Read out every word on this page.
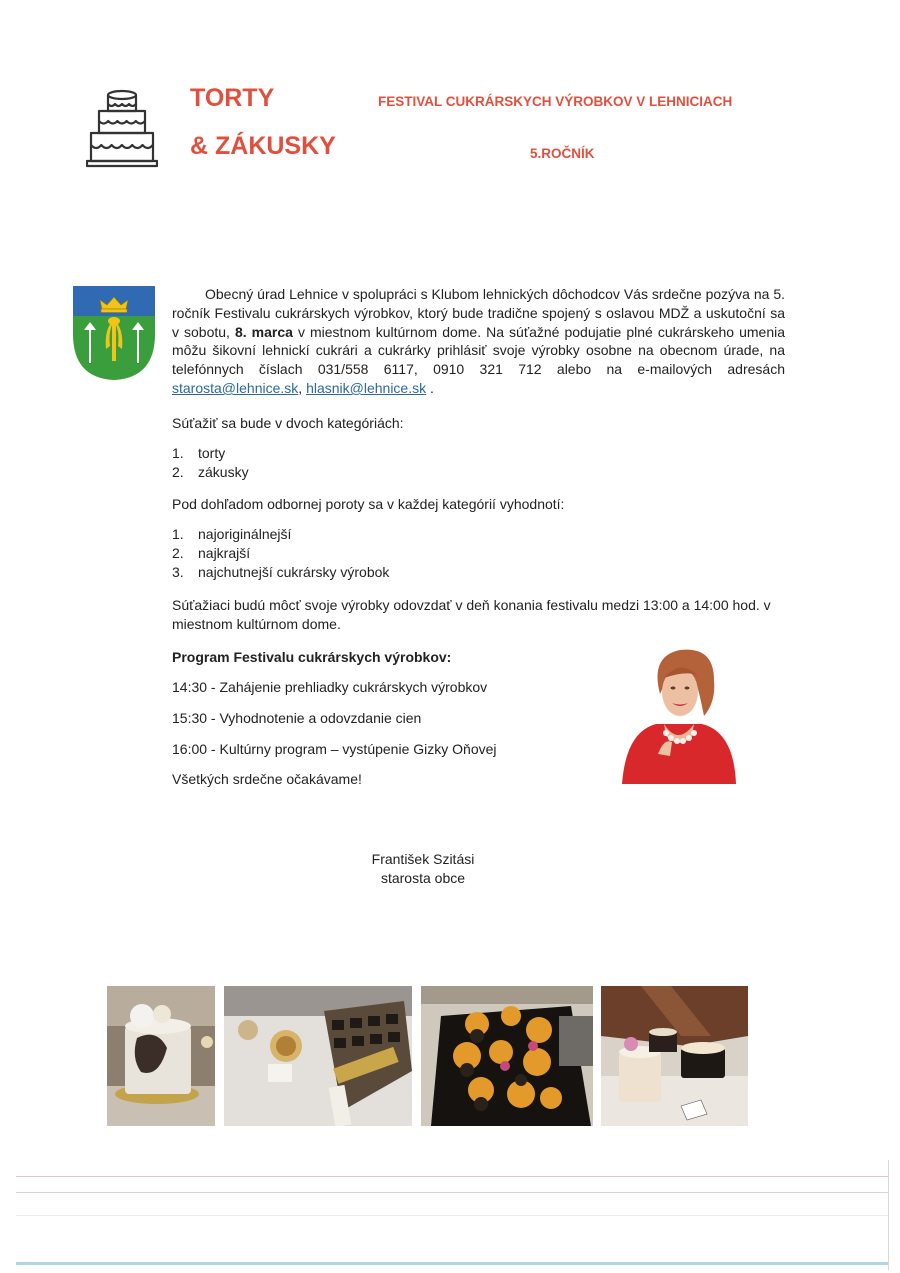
TORTY
& ZÁKUSKY
FESTIVAL CUKRÁRSKYCH VÝROBKOV V LEHNICIACH
5.ROČNÍK
Obecný úrad Lehnice v spolupráci s Klubom lehnických dôchodcov Vás srdečne pozýva na 5. ročník Festivalu cukrárskych výrobkov, ktorý bude tradične spojený s oslavou MDŽ a uskutoční sa v sobotu, 8. marca v miestnom kultúrnom dome. Na súťažné podujatie plné cukrárskeho umenia môžu šikovní lehnickí cukrári a cukrárky prihlásiť svoje výrobky osobne na obecnom úrade, na telefónnych číslach 031/558 6117, 0910 321 712 alebo na e-mailových adresách starosta@lehnice.sk, hlasnik@lehnice.sk .
Súťažiť sa bude v dvoch kategóriách:
1. torty
2. zákusky
Pod dohľadom odbornej poroty sa v každej kategórií vyhodnotí:
1. najoriginálnejší
2. najkrajší
3. najchutnejší cukrársky výrobok
Súťažiaci budú môcť svoje výrobky odovzdať v deň konania festivalu medzi 13:00 a 14:00 hod. v miestnom kultúrnom dome.
Program Festivalu cukrárskych výrobkov:
14:30 - Zahájenie prehliadky cukrárskych výrobkov
15:30 - Vyhodnotenie a odovzdanie cien
16:00 - Kultúrny program – vystúpenie Gizky Oňovej
Všetkých srdečne očakávame!
František Szitási
starosta obce
